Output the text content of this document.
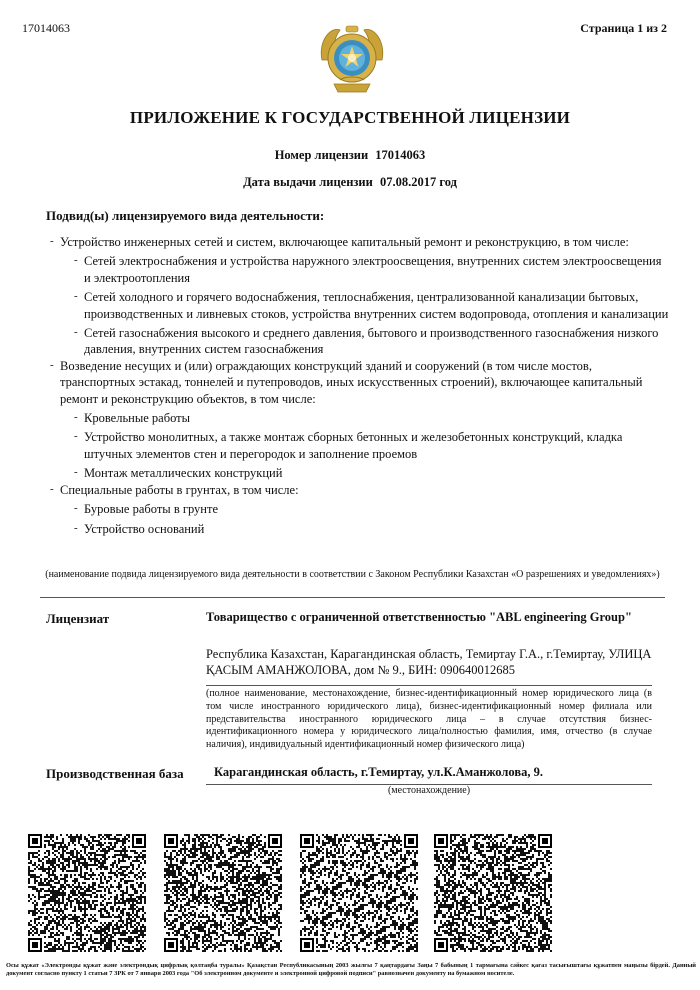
17014063	Страница 1 из 2
ПРИЛОЖЕНИЕ К ГОСУДАРСТВЕННОЙ ЛИЦЕНЗИИ
Номер лицензии 17014063
Дата выдачи лицензии 07.08.2017 год
Подвид(ы) лицензируемого вида деятельности:
- Устройство инженерных сетей и систем, включающее капитальный ремонт и реконструкцию, в том числе:
- Сетей электроснабжения и устройства наружного электроосвещения, внутренних систем электроосвещения и электроотопления
- Сетей холодного и горячего водоснабжения, теплоснабжения, централизованной канализации бытовых, производственных и ливневых стоков, устройства внутренних систем водопровода, отопления и канализации
- Сетей газоснабжения высокого и среднего давления, бытового и производственного газоснабжения низкого давления, внутренних систем газоснабжения
- Возведение несущих и (или) ограждающих конструкций зданий и сооружений (в том числе мостов, транспортных эстакад, тоннелей и путепроводов, иных искусственных строений), включающее капитальный ремонт и реконструкцию объектов, в том числе:
- Кровельные работы
- Устройство монолитных, а также монтаж сборных бетонных и железобетонных конструкций, кладка штучных элементов стен и перегородок и заполнение проемов
- Монтаж металлических конструкций
- Специальные работы в грунтах, в том числе:
- Буровые работы в грунте
- Устройство оснований
(наименование подвида лицензируемого вида деятельности в соответствии с Законом Республики Казахстан «О разрешениях и уведомлениях»)
Лицензиат	Товарищество с ограниченной ответственностью "ABL engineering Group"
Республика Казахстан, Карагандинская область, Темиртау Г.А., г.Темиртау, УЛИЦА ҚАСЫМ АМАНЖОЛОВА, дом № 9., БИН: 090640012685
(полное наименование, местонахождение, бизнес-идентификационный номер юридического лица (в том числе иностранного юридического лица), бизнес-идентификационный номер филиала или представительства иностранного юридического лица – в случае отсутствия бизнес-идентификационного номера у юридического лица/полностью фамилия, имя, отчество (в случае наличия), индивидуальный идентификационный номер физического лица)
Производственная база Карагандинская область, г.Темиртау, ул.К.Аманжолова, 9.
(местонахождение)
Осы құжат «Электронды құжат және электрондық цифрлық қолтаңба туралы» Қазақстан Республикасының 2003 жылғы 7 қаңтардағы Заңы 7 бабының 1 тармағына сәйкес қағаз тасығыштағы құжатпен маңызы бірдей. Данный документ согласно пункту 1 статьи 7 ЗРК от 7 января 2003 года "Об электронном документе и электронной цифровой подписи" равнозначен документу на бумажном носителе.
